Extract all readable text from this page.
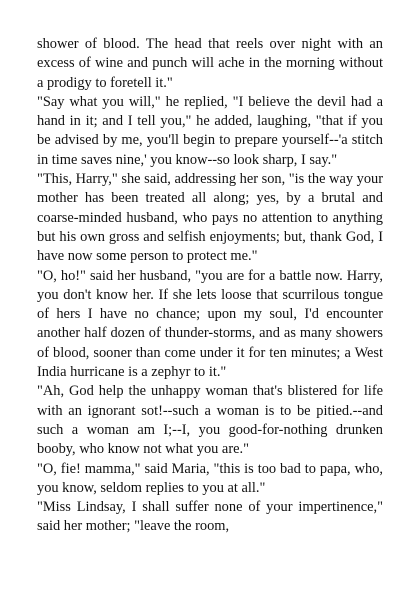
shower of blood. The head that reels over night with an excess of wine and punch will ache in the morning without a prodigy to foretell it."

"Say what you will," he replied, "I believe the devil had a hand in it; and I tell you," he added, laughing, "that if you be advised by me, you'll begin to prepare yourself--'a stitch in time saves nine,' you know--so look sharp, I say."

"This, Harry," she said, addressing her son, "is the way your mother has been treated all along; yes, by a brutal and coarse-minded husband, who pays no attention to anything but his own gross and selfish enjoyments; but, thank God, I have now some person to protect me."

"O, ho!" said her husband, "you are for a battle now. Harry, you don't know her. If she lets loose that scurrilous tongue of hers I have no chance; upon my soul, I'd encounter another half dozen of thunder-storms, and as many showers of blood, sooner than come under it for ten minutes; a West India hurricane is a zephyr to it."

"Ah, God help the unhappy woman that's blistered for life with an ignorant sot!--such a woman is to be pitied.--and such a woman am I;--I, you good-for-nothing drunken booby, who know not what you are."

"O, fie! mamma," said Maria, "this is too bad to papa, who, you know, seldom replies to you at all."

"Miss Lindsay, I shall suffer none of your impertinence," said her mother; "leave the room,
